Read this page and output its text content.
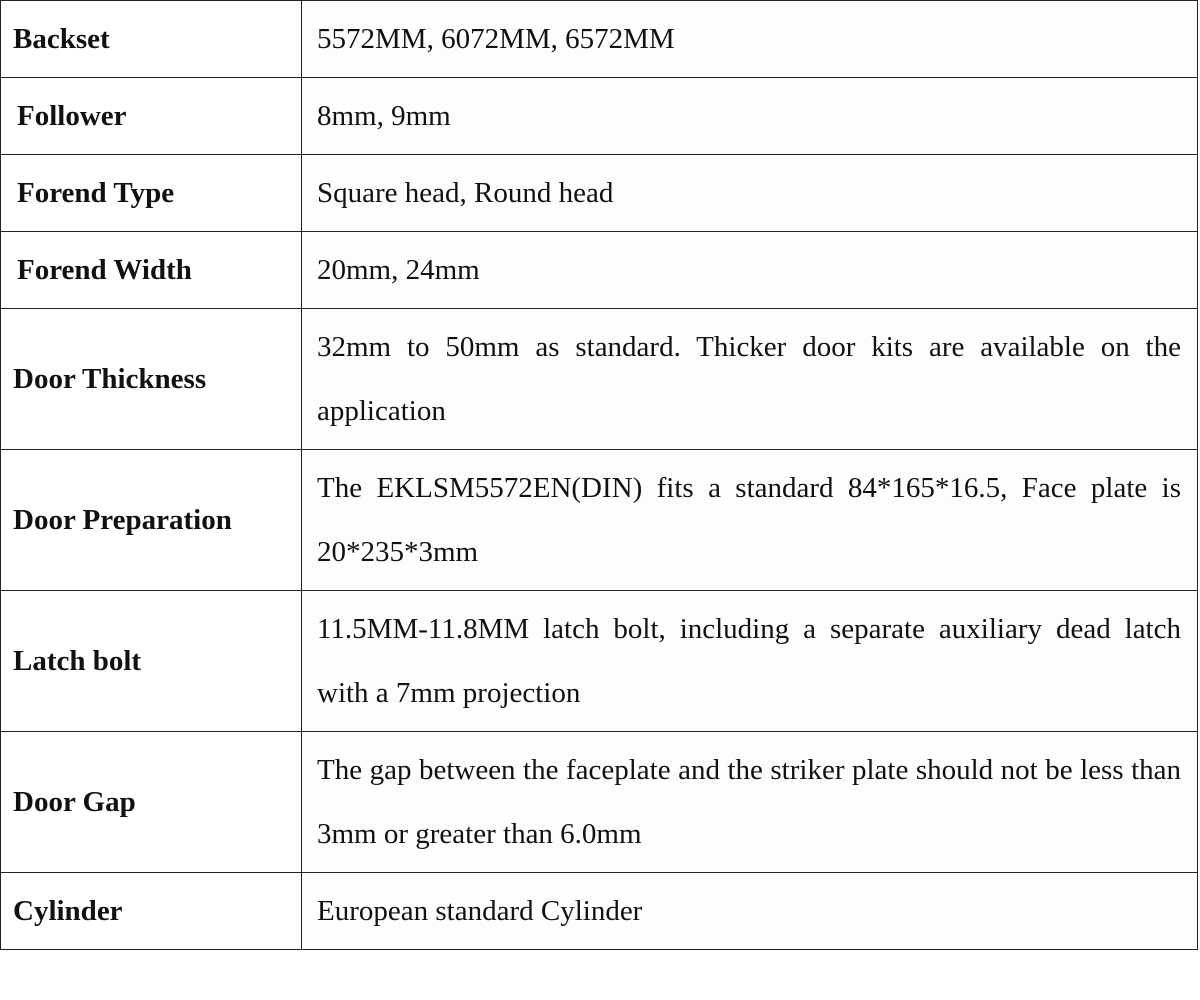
Backset	5572MM, 6072MM, 6572MM
Follower	8mm, 9mm
Forend Type	Square head, Round head
Forend Width	20mm, 24mm
Door Thickness	32mm to 50mm as standard. Thicker door kits are available on the application
Door Preparation	The EKLSM5572EN(DIN) fits a standard 84*165*16.5, Face plate is 20*235*3mm
Latch bolt	11.5MM-11.8MM latch bolt, including a separate auxiliary dead latch with a 7mm projection
Door Gap	The gap between the faceplate and the striker plate should not be less than 3mm or greater than 6.0mm
Cylinder	European standard Cylinder
